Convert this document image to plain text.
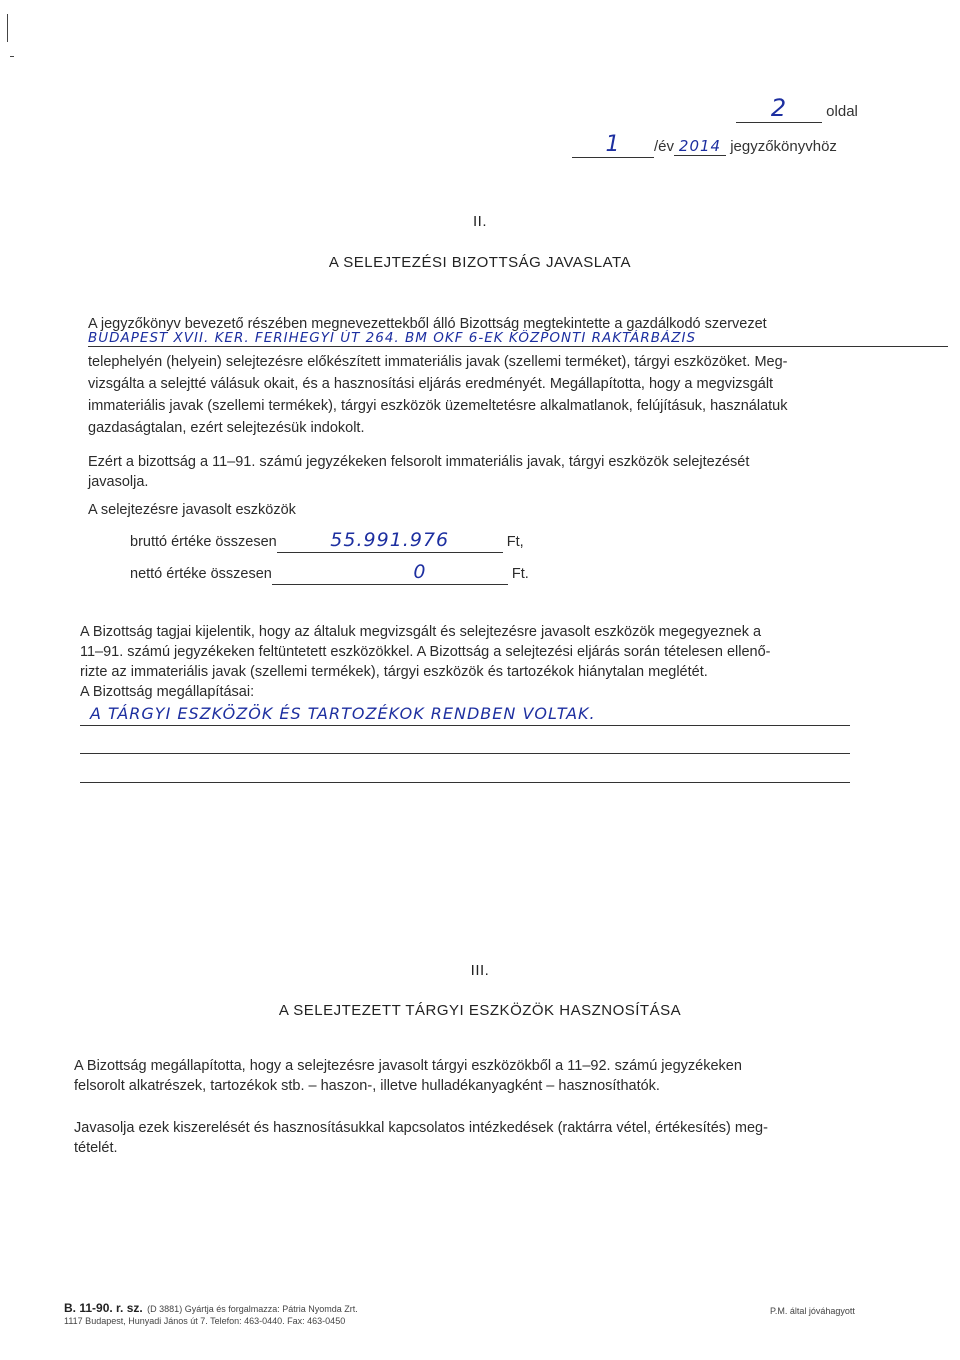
2	oldal
1 /év 2014 jegyzőkönyvhöz
II.
A SELEJTEZÉSI BIZOTTSÁG JAVASLATA
A jegyzőkönyv bevezető részében megnevezettekből álló Bizottság megtekintette a gazdálkodó szervezet
BUDAPEST XVII. KER. FERIHEGYI ÚT 264. BM OKF 6-EK KÖZPONTI RAKTÁRBÁZIS
telephelyén (helyein) selejtezésre előkészített immateriális javak (szellemi terméket), tárgyi eszközöket. Meg-
vizsgálta a selejtté válásuk okait, és a hasznosítási eljárás eredményét. Megállapította, hogy a megvizsgált
immateriális javak (szellemi termékek), tárgyi eszközök üzemeltetésre alkalmatlanok, felújításuk, használatuk
gazdaságtalan, ezért selejtezésük indokolt.
Ezért a bizottság a 11–91. számú jegyzékeken felsorolt immateriális javak, tárgyi eszközök selejtezését
javasolja.
A selejtezésre javasolt eszközök
bruttó értéke összesen	55.991.976	Ft,
nettó értéke összesen	0	Ft.
A Bizottság tagjai kijelentik, hogy az általuk megvizsgált és selejtezésre javasolt eszközök megegyeznek a
11–91. számú jegyzékeken feltüntetett eszközökkel. A Bizottság a selejtezési eljárás során tételesen ellenő-
rizte az immateriális javak (szellemi termékek), tárgyi eszközök és tartozékok hiánytalan meglétét.
A Bizottság megállapításai:
A TÁRGYI ESZKÖZÖK ÉS TARTOZÉKOK RENDBEN VOLTAK.
III.
A SELEJTEZETT TÁRGYI ESZKÖZÖK HASZNOSÍTÁSA
A Bizottság megállapította, hogy a selejtezésre javasolt tárgyi eszközökből a 11–92. számú jegyzékeken
felsorolt alkatrészek, tartozékok stb. – haszon-, illetve hulladékanyagként – hasznosíthatók.
Javasolja ezek kiszerelését és hasznosításukkal kapcsolatos intézkedések (raktárra vétel, értékesítés) meg-
tételét.
B. 11-90. r. sz. (D 3881) Gyártja és forgalmazza: Pátria Nyomda Zrt.
1117 Budapest, Hunyadi János út 7. Telefon: 463-0440. Fax: 463-0450
P.M. által jóváhagyott
